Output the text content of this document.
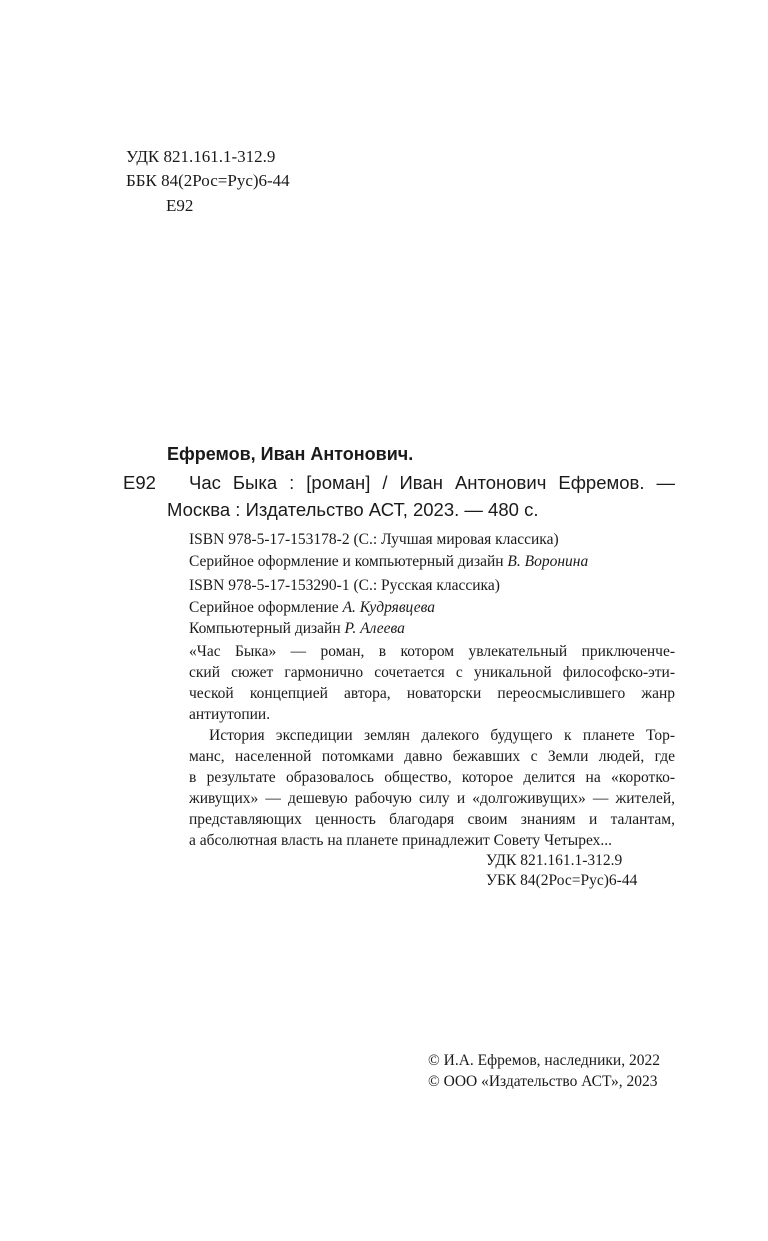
УДК 821.161.1-312.9
ББК 84(2Рос=Рус)6-44
Е92
Ефремов, Иван Антонович.
Е92 Час Быка : [роман] / Иван Антонович Ефремов. —
Москва : Издательство АСТ, 2023. — 480 с.
ISBN 978-5-17-153178-2 (С.: Лучшая мировая классика)
Серийное оформление и компьютерный дизайн В. Воронина
ISBN 978-5-17-153290-1 (С.: Русская классика)
Серийное оформление А. Кудрявцева
Компьютерный дизайн Р. Алеева
«Час Быка» — роман, в котором увлекательный приключенче-
ский сюжет гармонично сочетается с уникальной философско-эти-
ческой концепцией автора, новаторски переосмыслившего жанр
антиутопии.
История экспедиции землян далекого будущего к планете Тор-
манс, населенной потомками давно бежавших с Земли людей, где
в результате образовалось общество, которое делится на «коротко-
живущих» — дешевую рабочую силу и «долгоживущих» — жителей,
представляющих ценность благодаря своим знаниям и талантам,
а абсолютная власть на планете принадлежит Совету Четырех...
УДК 821.161.1-312.9
УБК 84(2Рос=Рус)6-44
© И.А. Ефремов, наследники, 2022
© ООО «Издательство АСТ», 2023
